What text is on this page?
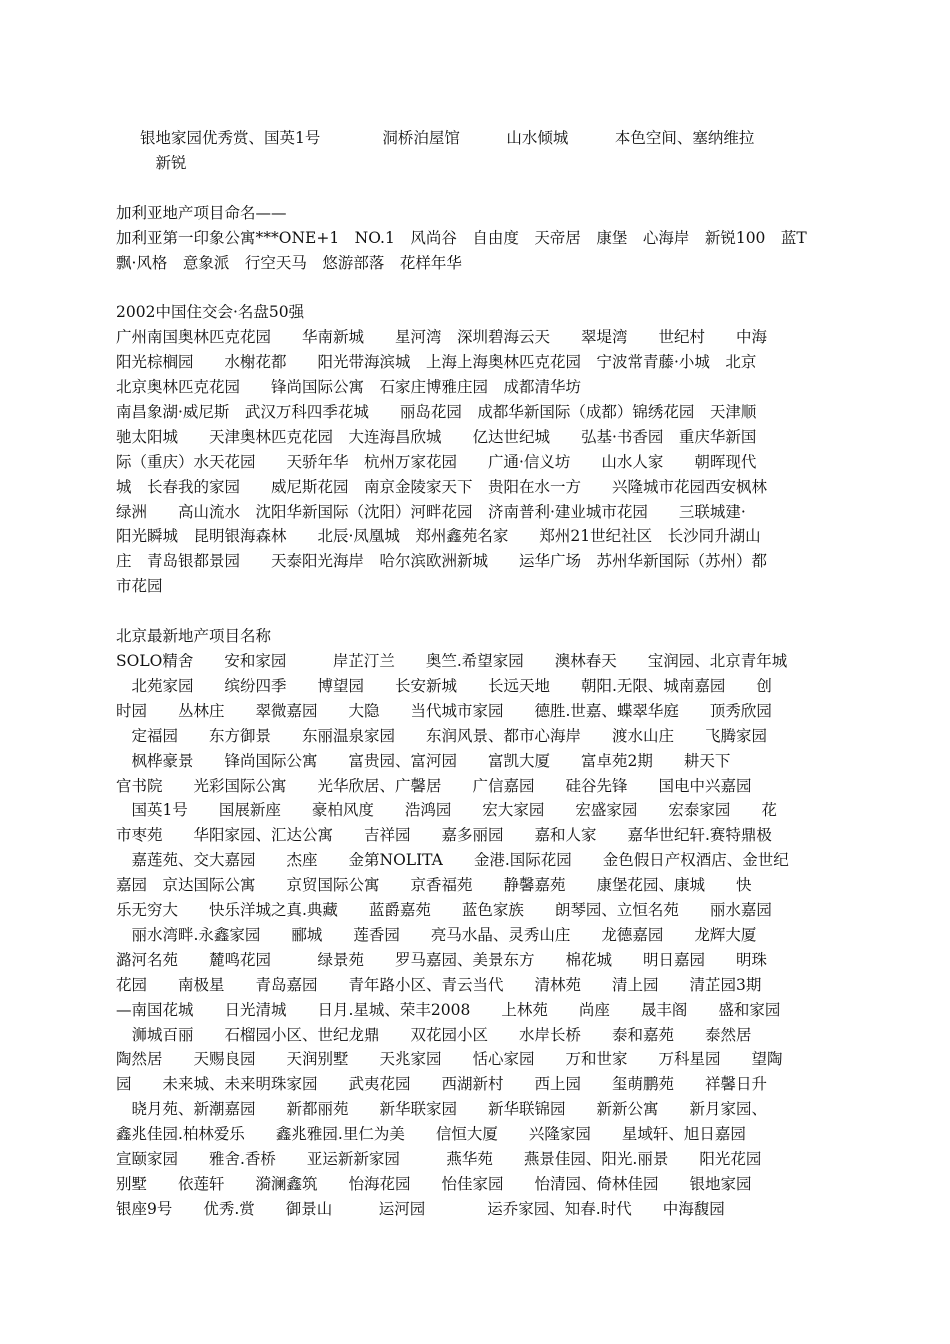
银地家园优秀赏、国英1号　　　　洞桥泊屋馆　　　山水倾城　　　本色空间、塞纳维拉

　新锐

加利亚地产项目命名——

加利亚第一印象公寓***ONE+1　NO.1　风尚谷　自由度　天帝居　康堡　心海岸　新锐100　蓝T

飘·风格　意象派　行空天马　悠游部落　花样年华

2002中国住交会·名盘50强

广州南国奥林匹克花园　　华南新城　　星河湾　深圳碧海云天　　翠堤湾　　世纪村　　中海

阳光棕榈园　　水榭花都　　阳光带海滨城　上海上海奥林匹克花园　宁波常青藤·小城　北京

北京奥林匹克花园　　锋尚国际公寓　石家庄博雅庄园　成都清华坊

南昌象湖·威尼斯　武汉万科四季花城　　丽岛花园　成都华新国际（成都）锦绣花园　天津顺

驰太阳城　　天津奥林匹克花园　大连海昌欣城　　亿达世纪城　　弘基·书香园　重庆华新国

际（重庆）水天花园　　天骄年华　杭州万家花园　　广通·信义坊　　山水人家　　朝晖现代

城　长春我的家园　　威尼斯花园　南京金陵家天下　贵阳在水一方　　兴隆城市花园西安枫林

绿洲　　高山流水　沈阳华新国际（沈阳）河畔花园　济南普利·建业城市花园　　三联城建·

阳光瞬城　昆明银海森林　　北辰·凤凰城　郑州鑫苑名家　　郑州21世纪社区　长沙同升湖山

庄　青岛银都景园　　天泰阳光海岸　哈尔滨欧洲新城　　运华广场　苏州华新国际（苏州）都

市花园

北京最新地产项目名称

SOLO精舍　　安和家园　　　岸芷汀兰　　奥竺.希望家园　　澳林春天　　宝润园、北京青年城

　北苑家园　　缤纷四季　　博望园　　长安新城　　长远天地　　朝阳.无限、城南嘉园　　创

时园　　丛林庄　　翠微嘉园　　大隐　　当代城市家园　　德胜.世嘉、蝶翠华庭　　顶秀欣园

　定福园　　东方御景　　东丽温泉家园　　东润风景、都市心海岸　　渡水山庄　　飞腾家园

　枫桦豪景　　锋尚国际公寓　　富贵园、富河园　　富凯大厦　　富卓苑2期　　耕天下

官书院　　光彩国际公寓　　光华欣居、广馨居　　广信嘉园　　硅谷先锋　　国电中兴嘉园

　国英1号　　国展新座　　豪柏风度　　浩鸿园　　宏大家园　　宏盛家园　　宏泰家园　　花

市枣苑　　华阳家园、汇达公寓　　吉祥园　　嘉多丽园　　嘉和人家　　嘉华世纪轩.赛特鼎极

　嘉莲苑、交大嘉园　　杰座　　金第NOLITA　　金港.国际花园　　金色假日产权酒店、金世纪

嘉园　京达国际公寓　　京贸国际公寓　　京香福苑　　静馨嘉苑　　康堡花园、康城　　快

乐无穷大　　快乐洋城之真.典藏　　蓝爵嘉苑　　蓝色家族　　朗琴园、立恒名苑　　丽水嘉园

　丽水湾畔.永鑫家园　　郦城　　莲香园　　亮马水晶、灵秀山庄　　龙德嘉园　　龙辉大厦

潞河名苑　　麓鸣花园　　　绿景苑　　罗马嘉园、美景东方　　棉花城　　明日嘉园　　明珠

花园　　南极星　　青岛嘉园　　青年路小区、青云当代　　清林苑　　清上园　　清芷园3期

—南国花城　　日光清城　　日月.星城、荣丰2008　　上林苑　　尚座　　晟丰阁　　盛和家园

　浉城百丽　　石榴园小区、世纪龙鼎　　双花园小区　　水岸长桥　　泰和嘉苑　　泰然居

陶然居　　天赐良园　　天润别墅　　天兆家园　　恬心家园　　万和世家　　万科星园　　望陶

园　　未来城、未来明珠家园　　武夷花园　　西湖新村　　西上园　　玺萌鹏苑　　祥馨日升

　晓月苑、新潮嘉园　　新都丽苑　　新华联家园　　新华联锦园　　新新公寓　　新月家园、

鑫兆佳园.柏林爱乐　　鑫兆雅园.里仁为美　　信恒大厦　　兴隆家园　　星域轩、旭日嘉园

宣颐家园　　雅舍.香桥　　亚运新新家园　　　燕华苑　　燕景佳园、阳光.丽景　　阳光花园

别墅　　依莲轩　　漪澜鑫筑　　怡海花园　　怡佳家园　　怡清园、倚林佳园　　银地家园

银座9号　　优秀.赏　　御景山　　　运河园　　　　运乔家园、知春.时代　　中海馥园
